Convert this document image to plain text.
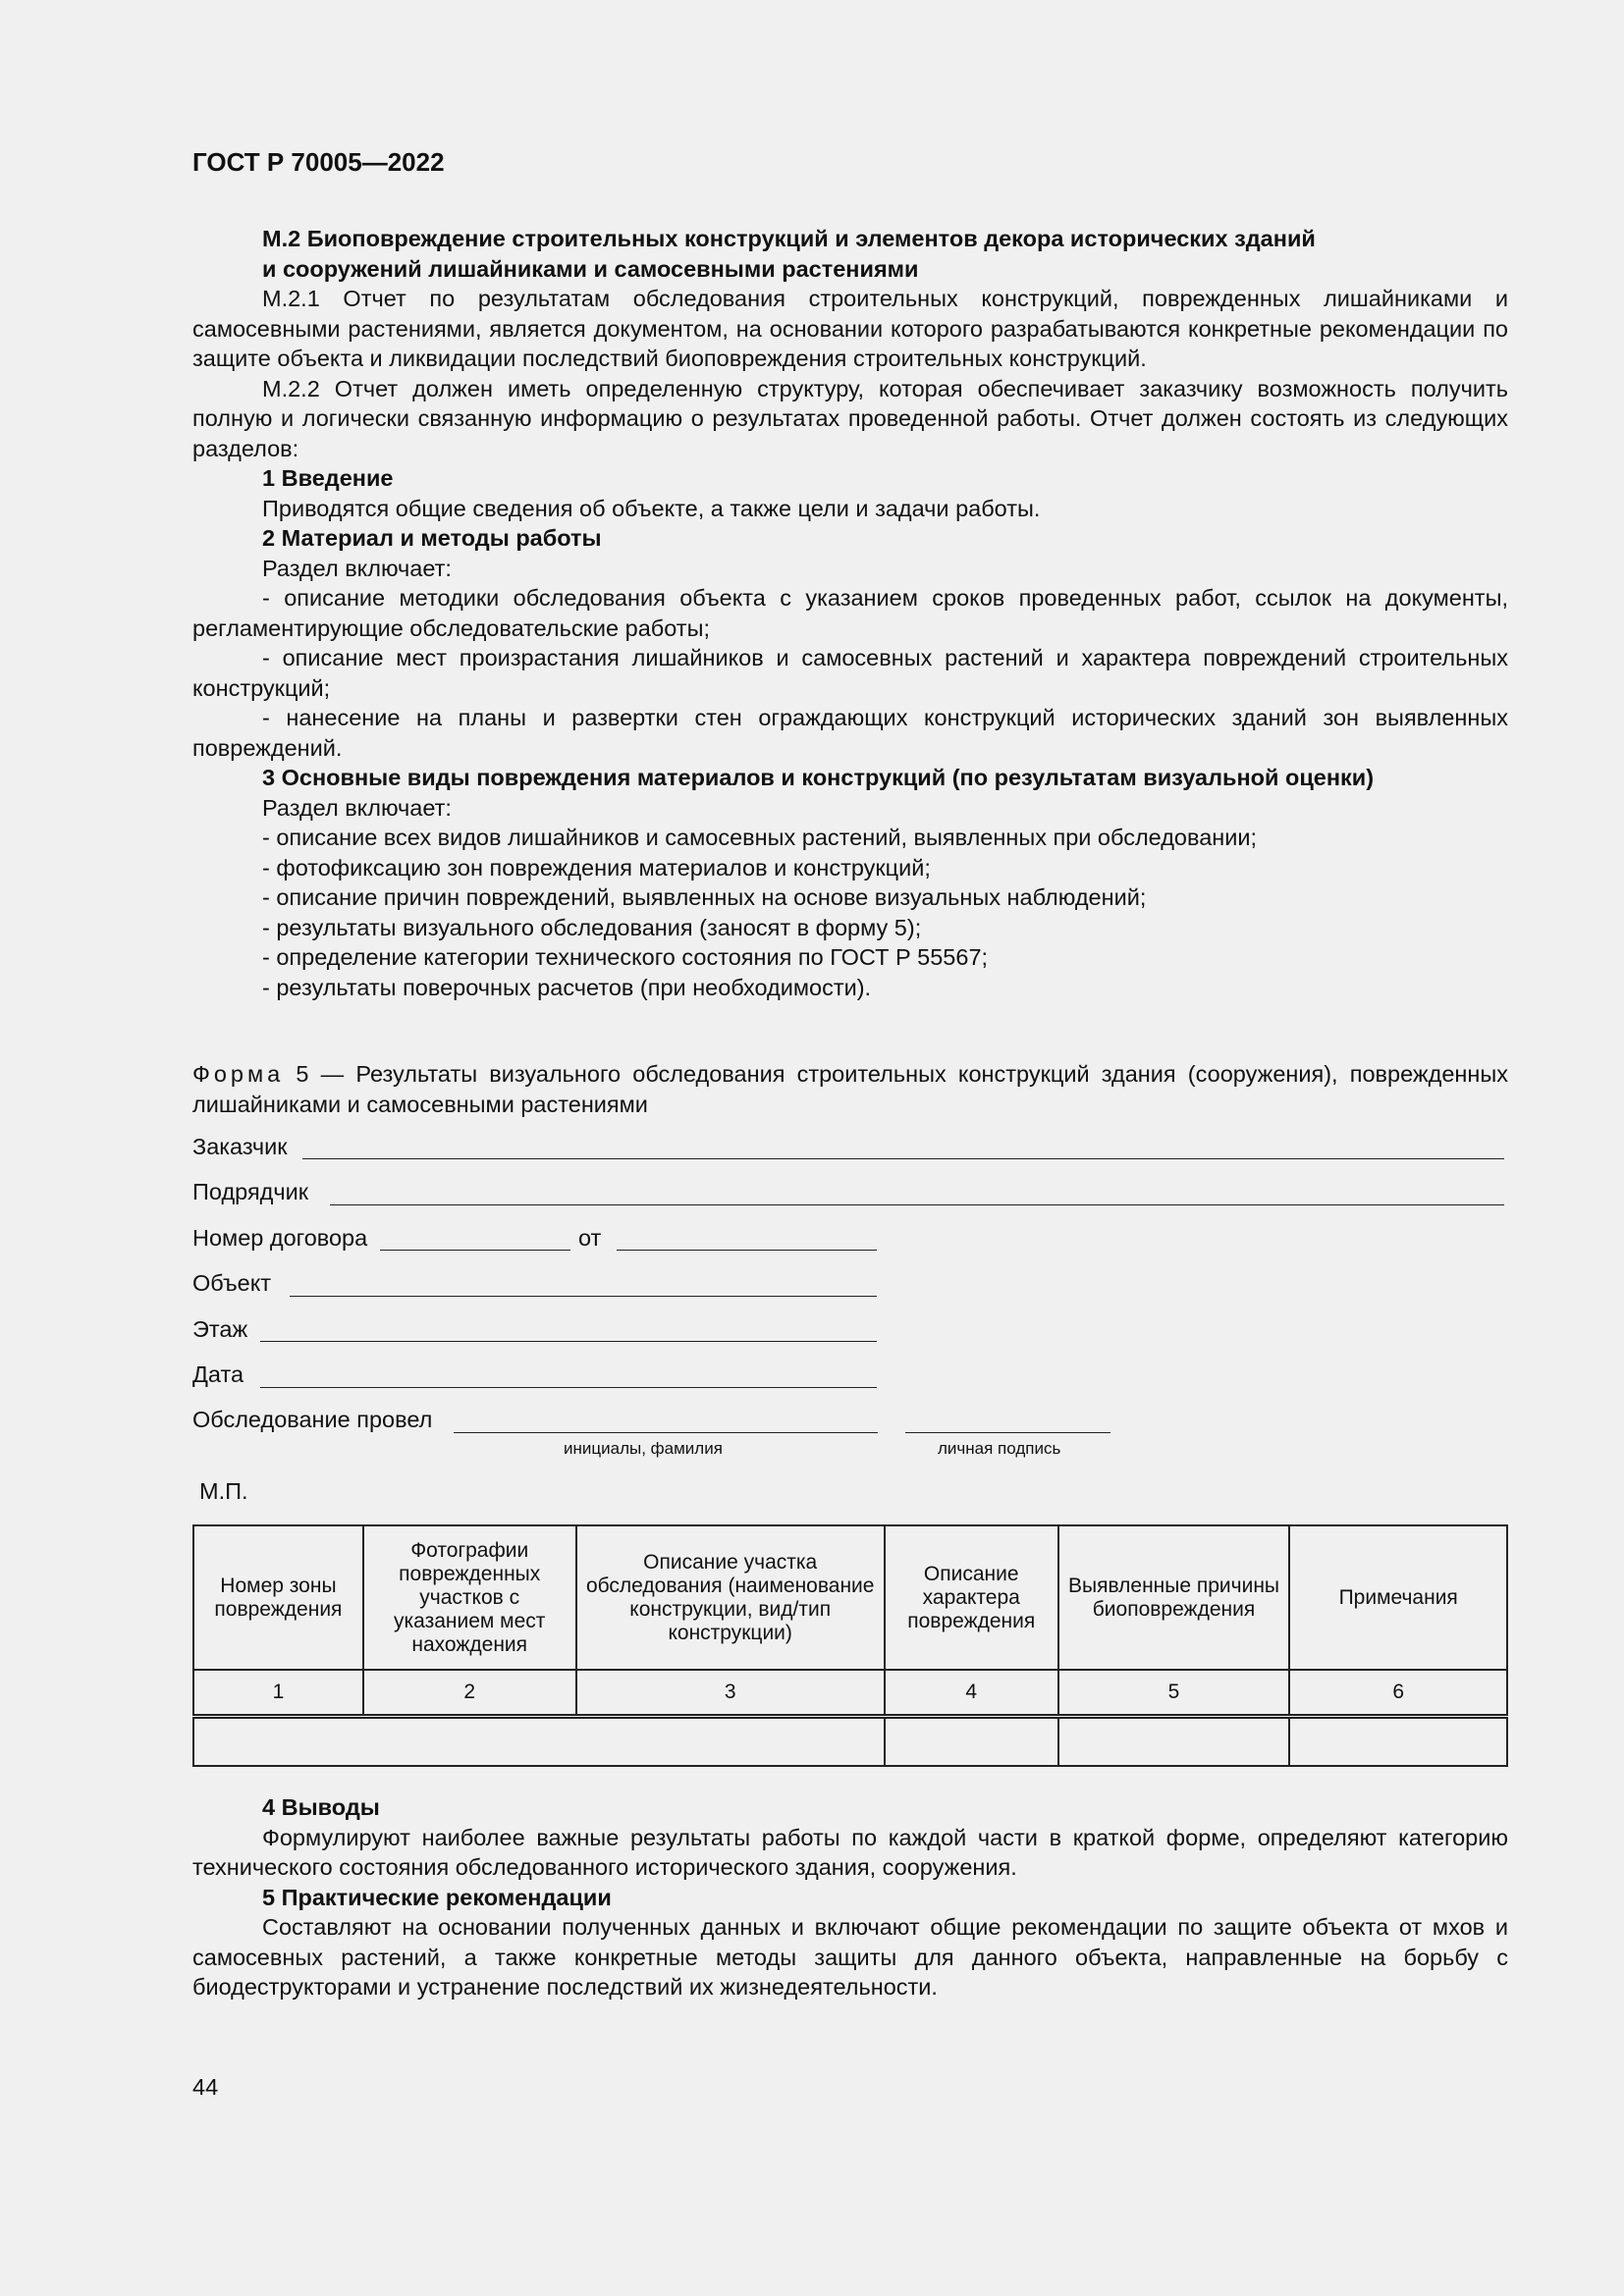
ГОСТ Р 70005—2022
М.2 Биоповреждение строительных конструкций и элементов декора исторических зданий
и сооружений лишайниками и самосевными растениями

М.2.1 Отчет по результатам обследования строительных конструкций, поврежденных лишайниками и самосевными растениями, является документом, на основании которого разрабатываются конкретные рекомендации по защите объекта и ликвидации последствий биоповреждения строительных конструкций.

М.2.2 Отчет должен иметь определенную структуру, которая обеспечивает заказчику возможность получить полную и логически связанную информацию о результатах проведенной работы. Отчет должен состоять из следующих разделов:

1 Введение

Приводятся общие сведения об объекте, а также цели и задачи работы.

2 Материал и методы работы

Раздел включает:

- описание методики обследования объекта с указанием сроков проведенных работ, ссылок на документы, регламентирующие обследовательские работы;

- описание мест произрастания лишайников и самосевных растений и характера повреждений строительных конструкций;

- нанесение на планы и развертки стен ограждающих конструкций исторических зданий зон выявленных повреждений.

3 Основные виды повреждения материалов и конструкций (по результатам визуальной оценки)

Раздел включает:

- описание всех видов лишайников и самосевных растений, выявленных при обследовании;

- фотофиксацию зон повреждения материалов и конструкций;

- описание причин повреждений, выявленных на основе визуальных наблюдений;

- результаты визуального обследования (заносят в форму 5);

- определение категории технического состояния по ГОСТ Р 55567;

- результаты поверочных расчетов (при необходимости).

Форма 5 — Результаты визуального обследования строительных конструкций здания (сооружения), поврежденных лишайниками и самосевными растениями

Заказчик
Подрядчик
Номер договора	от
Объект
Этаж
Дата
Обследование провел
инициалы, фамилия	личная подпись
М.П.
Номер зоны повреждения	Фотографии поврежденных участков с указанием мест нахождения	Описание участка обследования (наименование конструкции, вид/тип конструкции)	Описание характера повреждения	Выявленные причины биоповреждения	Примечания
1	2	3	4	5	6

4 Выводы

Формулируют наиболее важные результаты работы по каждой части в краткой форме, определяют категорию технического состояния обследованного исторического здания, сооружения.

5 Практические рекомендации

Составляют на основании полученных данных и включают общие рекомендации по защите объекта от мхов и самосевных растений, а также конкретные методы защиты для данного объекта, направленные на борьбу с биодеструкторами и устранение последствий их жизнедеятельности.

44
